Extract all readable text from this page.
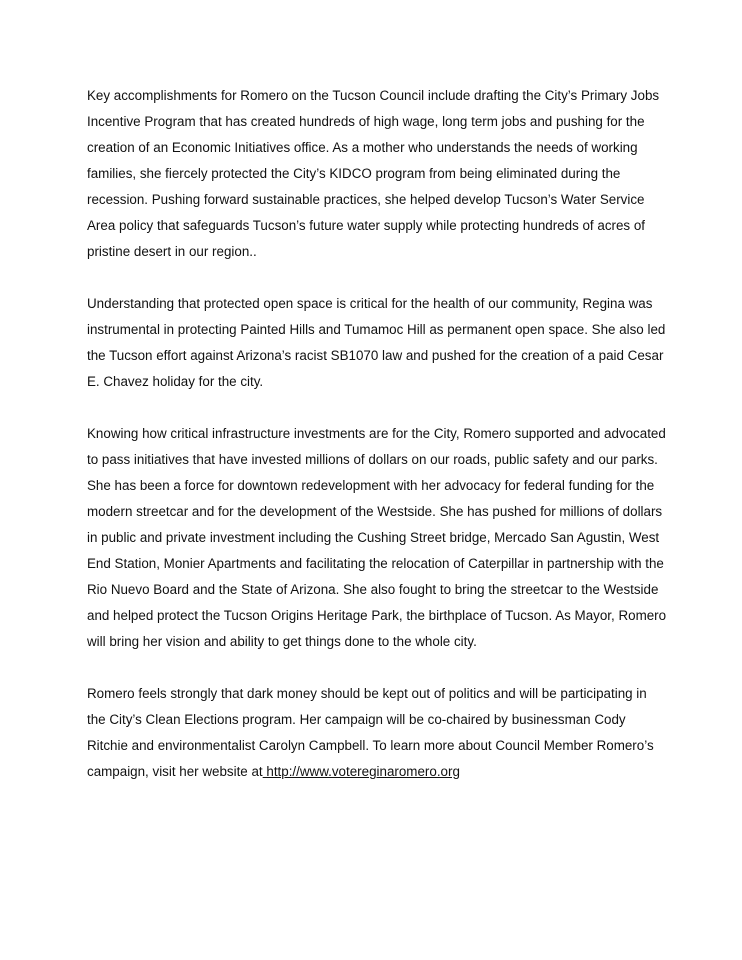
Key accomplishments for Romero on the Tucson Council include drafting the City’s Primary Jobs Incentive Program that has created hundreds of high wage, long term jobs and pushing for the creation of an Economic Initiatives office. As a mother who understands the needs of working families, she fiercely protected the City’s KIDCO program from being eliminated during the recession. Pushing forward sustainable practices, she helped develop Tucson’s Water Service Area policy that safeguards Tucson’s future water supply while protecting hundreds of acres of pristine desert in our region..

Understanding that protected open space is critical for the health of our community, Regina was instrumental in protecting Painted Hills and Tumamoc Hill as permanent open space. She also led the Tucson effort against Arizona’s racist SB1070 law and pushed for the creation of a paid Cesar E. Chavez holiday for the city.

Knowing how critical infrastructure investments are for the City, Romero supported and advocated to pass initiatives that have invested millions of dollars on our roads, public safety and our parks. She has been a force for downtown redevelopment with her advocacy for federal funding for the modern streetcar and for the development of the Westside. She has pushed for millions of dollars in public and private investment including the Cushing Street bridge, Mercado San Agustin, West End Station, Monier Apartments and facilitating the relocation of Caterpillar in partnership with the Rio Nuevo Board and the State of Arizona. She also fought to bring the streetcar to the Westside and helped protect the Tucson Origins Heritage Park, the birthplace of Tucson. As Mayor, Romero will bring her vision and ability to get things done to the whole city.

Romero feels strongly that dark money should be kept out of politics and will be participating in the City’s Clean Elections program. Her campaign will be co-chaired by businessman Cody Ritchie and environmentalist Carolyn Campbell. To learn more about Council Member Romero’s campaign, visit her website at http://www.votereginaromero.org
